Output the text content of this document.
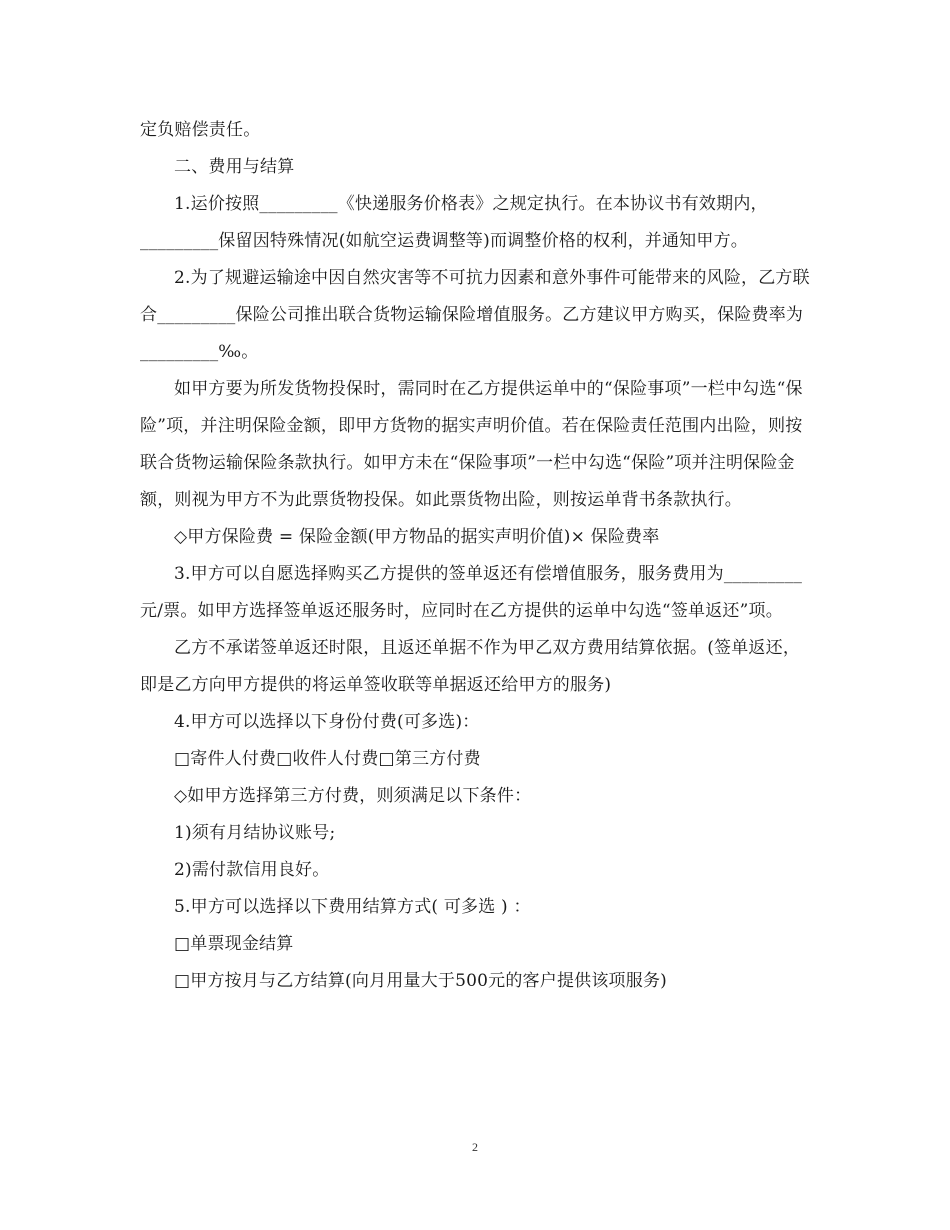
定负赔偿责任。

二、费用与结算

1.运价按照_________《快递服务价格表》之规定执行。在本协议书有效期内，_________保留因特殊情况(如航空运费调整等)而调整价格的权利，并通知甲方。

2.为了规避运输途中因自然灾害等不可抗力因素和意外事件可能带来的风险，乙方联合_________保险公司推出联合货物运输保险增值服务。乙方建议甲方购买，保险费率为_________‰。

如甲方要为所发货物投保时，需同时在乙方提供运单中的“保险事项”一栏中勾选“保险”项，并注明保险金额，即甲方货物的据实声明价值。若在保险责任范围内出险，则按联合货物运输保险条款执行。如甲方未在“保险事项”一栏中勾选“保险”项并注明保险金额，则视为甲方不为此票货物投保。如此票货物出险，则按运单背书条款执行。

◇甲方保险费 = 保险金额(甲方物品的据实声明价值)× 保险费率

3.甲方可以自愿选择购买乙方提供的签单返还有偿增值服务，服务费用为_________元/票。如甲方选择签单返还服务时，应同时在乙方提供的运单中勾选“签单返还”项。

乙方不承诺签单返还时限，且返还单据不作为甲乙双方费用结算依据。(签单返还，即是乙方向甲方提供的将运单签收联等单据返还给甲方的服务)

4.甲方可以选择以下身份付费(可多选)：

□寄件人付费□收件人付费□第三方付费

◇如甲方选择第三方付费，则须满足以下条件：

1)须有月结协议账号;

2)需付款信用良好。

5.甲方可以选择以下费用结算方式( 可多选 ) ：

□单票现金结算

□甲方按月与乙方结算(向月用量大于500元的客户提供该项服务)

2
